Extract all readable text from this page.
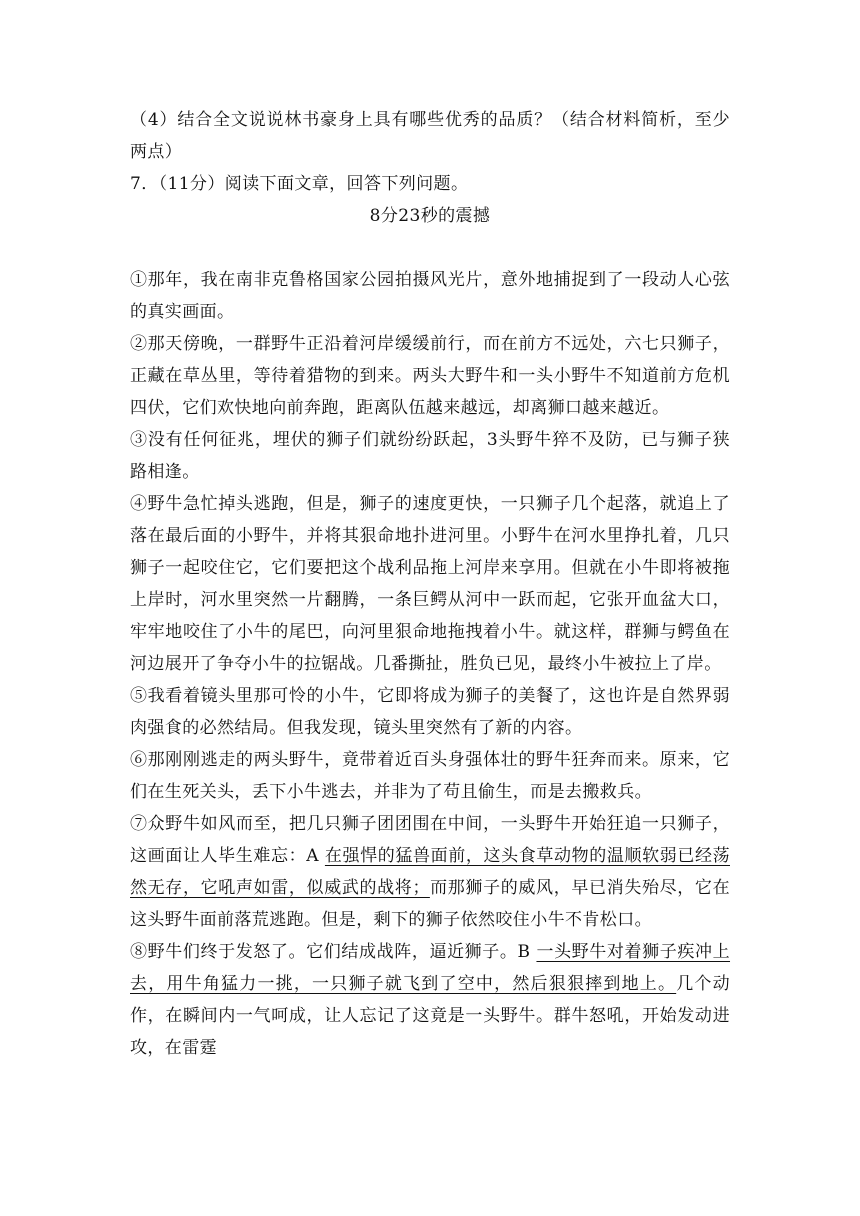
（4）结合全文说说林书豪身上具有哪些优秀的品质？（结合材料简析，至少两点）

7．（11分）阅读下面文章，回答下列问题。

8分23秒的震撼

①那年，我在南非克鲁格国家公园拍摄风光片，意外地捕捉到了一段动人心弦的真实画面。

②那天傍晚，一群野牛正沿着河岸缓缓前行，而在前方不远处，六七只狮子，正藏在草丛里，等待着猎物的到来。两头大野牛和一头小野牛不知道前方危机四伏，它们欢快地向前奔跑，距离队伍越来越远，却离狮口越来越近。

③没有任何征兆，埋伏的狮子们就纷纷跃起，3头野牛猝不及防，已与狮子狭路相逢。

④野牛急忙掉头逃跑，但是，狮子的速度更快，一只狮子几个起落，就追上了落在最后面的小野牛，并将其狠命地扑进河里。小野牛在河水里挣扎着，几只狮子一起咬住它，它们要把这个战利品拖上河岸来享用。但就在小牛即将被拖上岸时，河水里突然一片翻腾，一条巨鳄从河中一跃而起，它张开血盆大口，牢牢地咬住了小牛的尾巴，向河里狠命地拖拽着小牛。就这样，群狮与鳄鱼在河边展开了争夺小牛的拉锯战。几番撕扯，胜负已见，最终小牛被拉上了岸。

⑤我看着镜头里那可怜的小牛，它即将成为狮子的美餐了，这也许是自然界弱肉强食的必然结局。但我发现，镜头里突然有了新的内容。

⑥那刚刚逃走的两头野牛，竟带着近百头身强体壮的野牛狂奔而来。原来，它们在生死关头，丢下小牛逃去，并非为了苟且偷生，而是去搬救兵。

⑦众野牛如风而至，把几只狮子团团围在中间，一头野牛开始狂追一只狮子，这画面让人毕生难忘：A 在强悍的猛兽面前，这头食草动物的温顺软弱已经荡然无存，它吼声如雷，似威武的战将；而那狮子的威风，早已消失殆尽，它在这头野牛面前落荒逃跑。但是，剩下的狮子依然咬住小牛不肯松口。

⑧野牛们终于发怒了。它们结成战阵，逼近狮子。B 一头野牛对着狮子疾冲上去，用牛角猛力一挑，一只狮子就飞到了空中，然后狠狠摔到地上。几个动作，在瞬间内一气呵成，让人忘记了这竟是一头野牛。群牛怒吼，开始发动进攻，在雷霆
